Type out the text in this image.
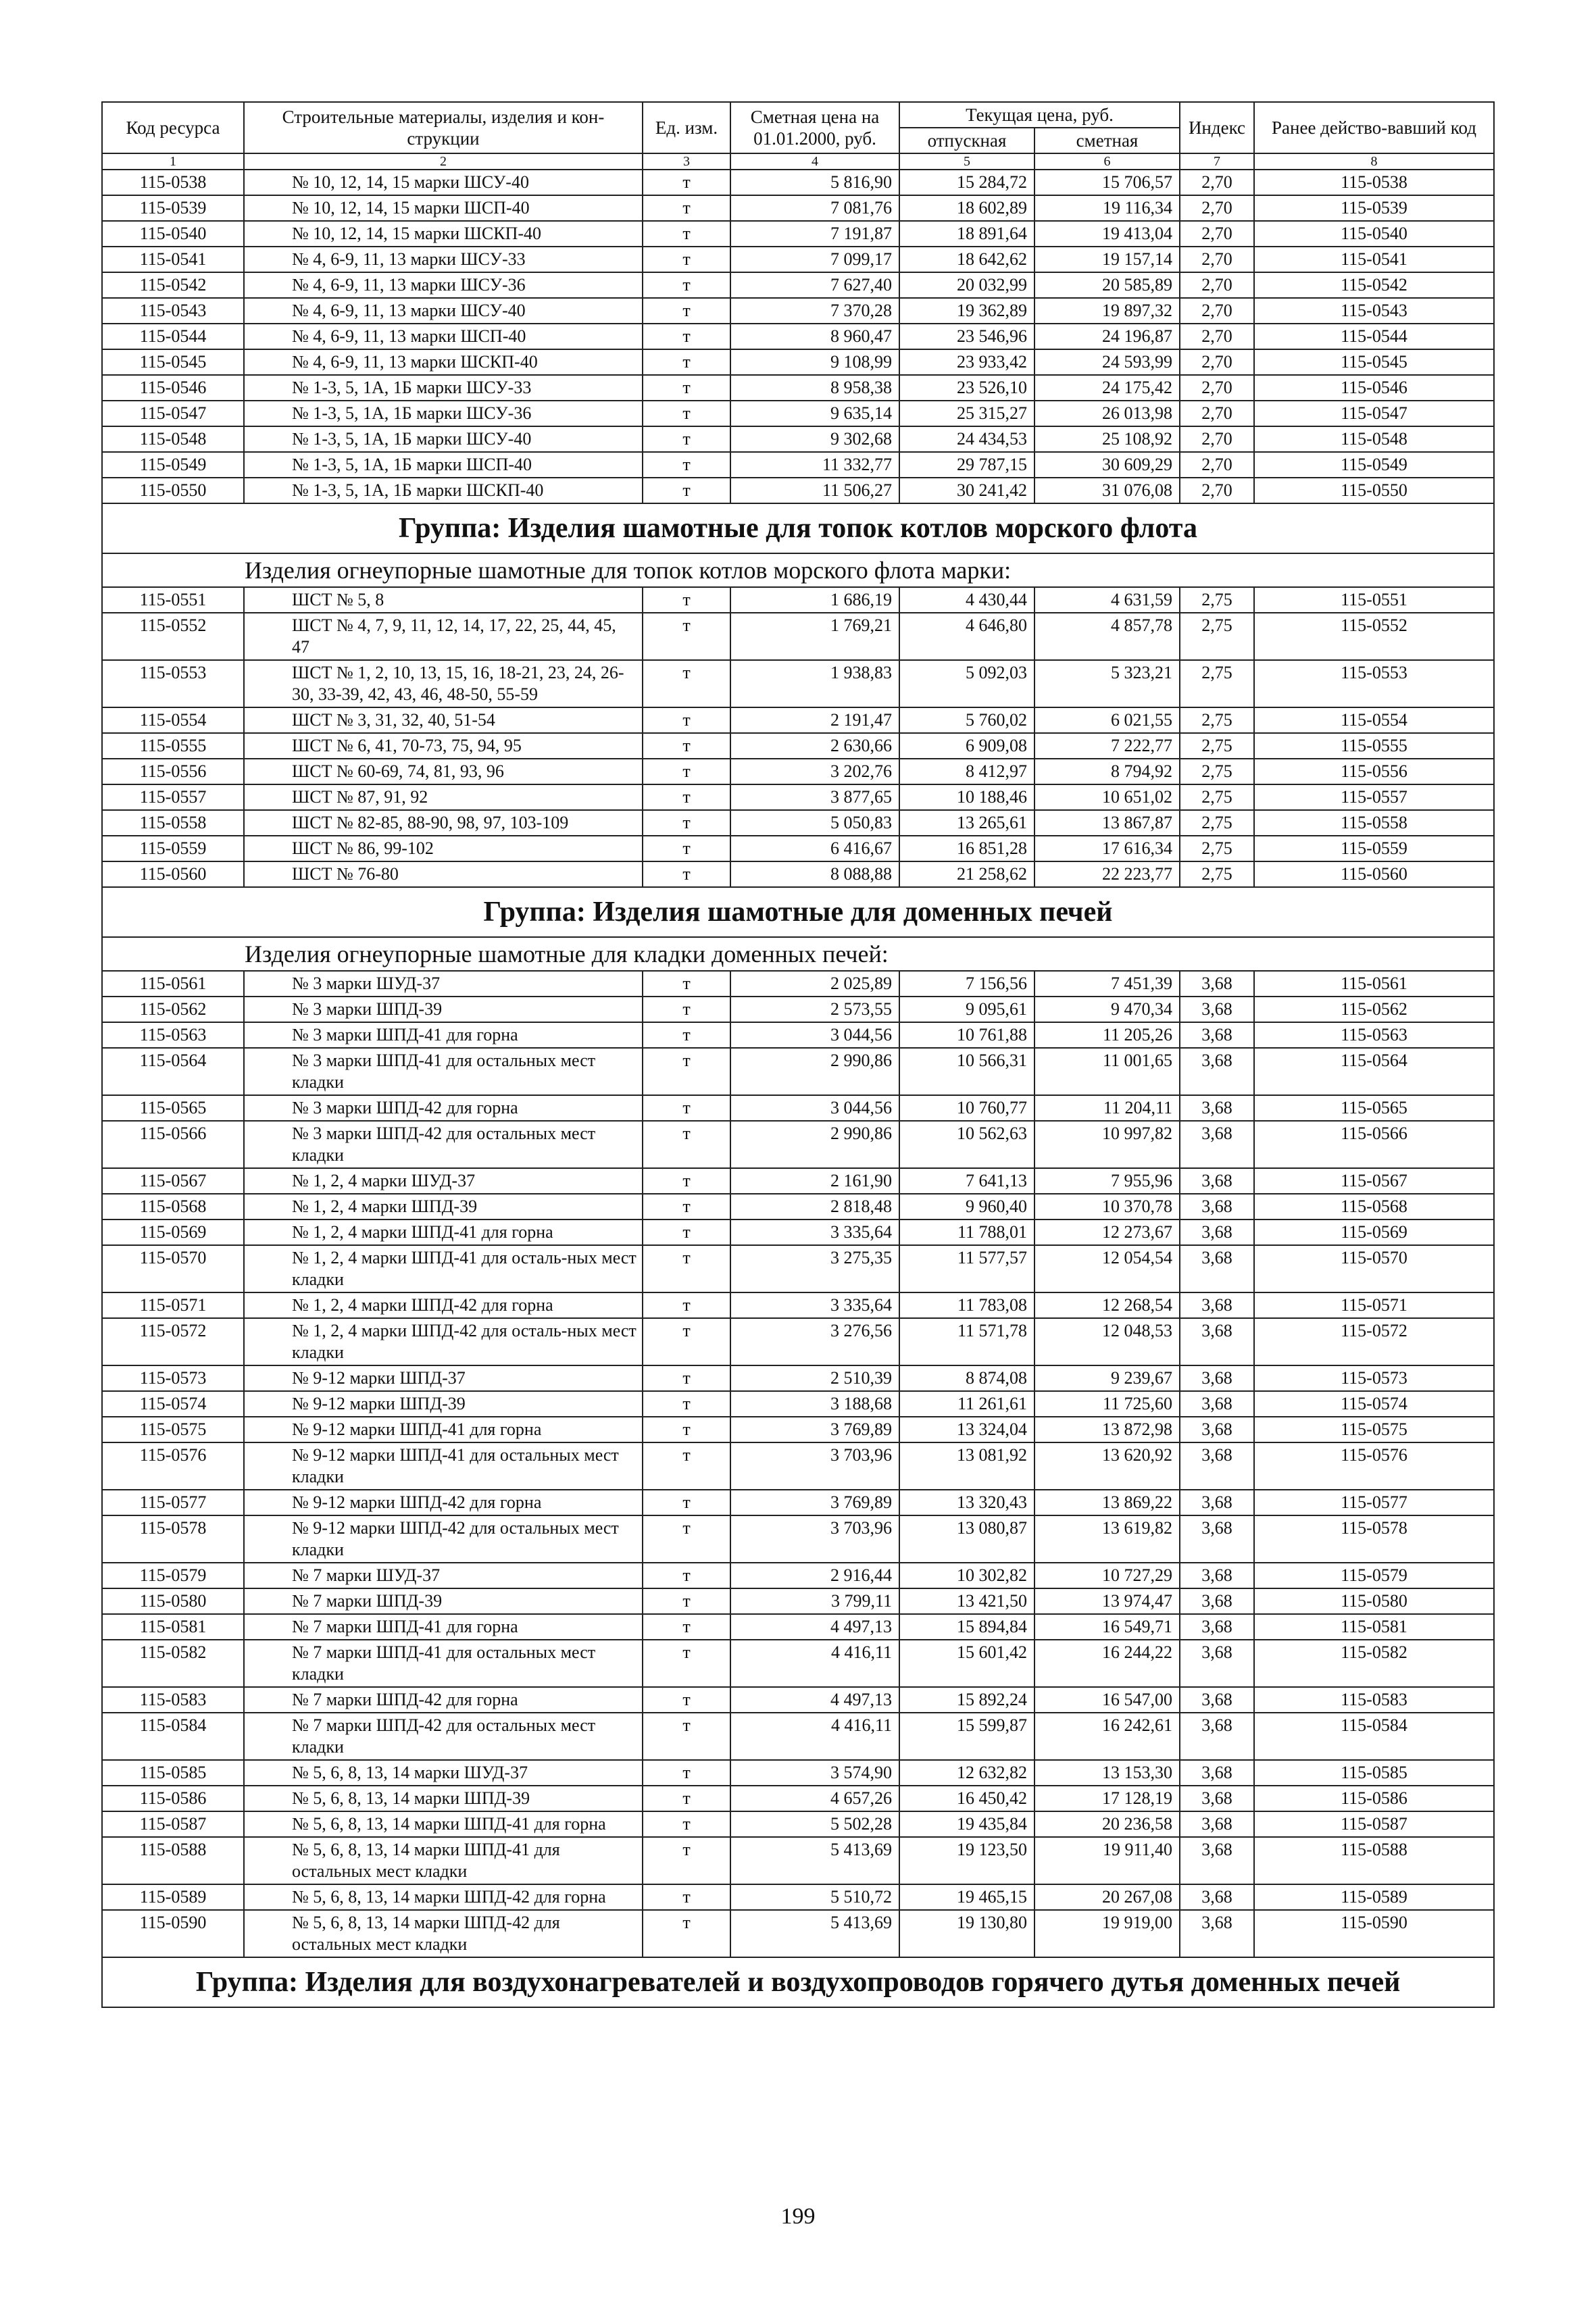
Код ресурса	Строительные материалы, изделия и кон-струкции	Ед. изм.	Сметная цена на 01.01.2000, руб.	Текущая цена, руб.		Индекс	Ранее действо-вавший код
				отпускная	сметная		
1	2	3	4	5	6	7	8
115-0538	№ 10, 12, 14, 15 марки ШСУ-40	т	5 816,90	15 284,72	15 706,57	2,70	115-0538
115-0539	№ 10, 12, 14, 15 марки ШСП-40	т	7 081,76	18 602,89	19 116,34	2,70	115-0539
115-0540	№ 10, 12, 14, 15 марки ШСКП-40	т	7 191,87	18 891,64	19 413,04	2,70	115-0540
115-0541	№ 4, 6-9, 11, 13 марки ШСУ-33	т	7 099,17	18 642,62	19 157,14	2,70	115-0541
115-0542	№ 4, 6-9, 11, 13 марки ШСУ-36	т	7 627,40	20 032,99	20 585,89	2,70	115-0542
115-0543	№ 4, 6-9, 11, 13 марки ШСУ-40	т	7 370,28	19 362,89	19 897,32	2,70	115-0543
115-0544	№ 4, 6-9, 11, 13 марки ШСП-40	т	8 960,47	23 546,96	24 196,87	2,70	115-0544
115-0545	№ 4, 6-9, 11, 13 марки ШСКП-40	т	9 108,99	23 933,42	24 593,99	2,70	115-0545
115-0546	№ 1-3, 5, 1А, 1Б марки ШСУ-33	т	8 958,38	23 526,10	24 175,42	2,70	115-0546
115-0547	№ 1-3, 5, 1А, 1Б марки ШСУ-36	т	9 635,14	25 315,27	26 013,98	2,70	115-0547
115-0548	№ 1-3, 5, 1А, 1Б марки ШСУ-40	т	9 302,68	24 434,53	25 108,92	2,70	115-0548
115-0549	№ 1-3, 5, 1А, 1Б марки ШСП-40	т	11 332,77	29 787,15	30 609,29	2,70	115-0549
115-0550	№ 1-3, 5, 1А, 1Б марки ШСКП-40	т	11 506,27	30 241,42	31 076,08	2,70	115-0550
Группа: Изделия шамотные для топок котлов морского флота							
Изделия огнеупорные шамотные для топок котлов морского флота марки:							
115-0551	ШСТ № 5, 8	т	1 686,19	4 430,44	4 631,59	2,75	115-0551
115-0552	ШСТ № 4, 7, 9, 11, 12, 14, 17, 22, 25, 44, 45, 47	т	1 769,21	4 646,80	4 857,78	2,75	115-0552
115-0553	ШСТ № 1, 2, 10, 13, 15, 16, 18-21, 23, 24, 26-30, 33-39, 42, 43, 46, 48-50, 55-59	т	1 938,83	5 092,03	5 323,21	2,75	115-0553
115-0554	ШСТ № 3, 31, 32, 40, 51-54	т	2 191,47	5 760,02	6 021,55	2,75	115-0554
115-0555	ШСТ № 6, 41, 70-73, 75, 94, 95	т	2 630,66	6 909,08	7 222,77	2,75	115-0555
115-0556	ШСТ № 60-69, 74, 81, 93, 96	т	3 202,76	8 412,97	8 794,92	2,75	115-0556
115-0557	ШСТ № 87, 91, 92	т	3 877,65	10 188,46	10 651,02	2,75	115-0557
115-0558	ШСТ № 82-85, 88-90, 98, 97, 103-109	т	5 050,83	13 265,61	13 867,87	2,75	115-0558
115-0559	ШСТ № 86, 99-102	т	6 416,67	16 851,28	17 616,34	2,75	115-0559
115-0560	ШСТ № 76-80	т	8 088,88	21 258,62	22 223,77	2,75	115-0560
Группа: Изделия шамотные для доменных печей							
Изделия огнеупорные шамотные для кладки доменных печей:							
115-0561	№ 3 марки ШУД-37	т	2 025,89	7 156,56	7 451,39	3,68	115-0561
115-0562	№ 3 марки ШПД-39	т	2 573,55	9 095,61	9 470,34	3,68	115-0562
115-0563	№ 3 марки ШПД-41 для горна	т	3 044,56	10 761,88	11 205,26	3,68	115-0563
115-0564	№ 3 марки ШПД-41 для остальных мест кладки	т	2 990,86	10 566,31	11 001,65	3,68	115-0564
115-0565	№ 3 марки ШПД-42 для горна	т	3 044,56	10 760,77	11 204,11	3,68	115-0565
115-0566	№ 3 марки ШПД-42 для остальных мест кладки	т	2 990,86	10 562,63	10 997,82	3,68	115-0566
115-0567	№ 1, 2, 4 марки ШУД-37	т	2 161,90	7 641,13	7 955,96	3,68	115-0567
115-0568	№ 1, 2, 4 марки ШПД-39	т	2 818,48	9 960,40	10 370,78	3,68	115-0568
115-0569	№ 1, 2, 4 марки ШПД-41 для горна	т	3 335,64	11 788,01	12 273,67	3,68	115-0569
115-0570	№ 1, 2, 4 марки ШПД-41 для осталь-ных мест кладки	т	3 275,35	11 577,57	12 054,54	3,68	115-0570
115-0571	№ 1, 2, 4 марки ШПД-42 для горна	т	3 335,64	11 783,08	12 268,54	3,68	115-0571
115-0572	№ 1, 2, 4 марки ШПД-42 для осталь-ных мест кладки	т	3 276,56	11 571,78	12 048,53	3,68	115-0572
115-0573	№ 9-12 марки ШПД-37	т	2 510,39	8 874,08	9 239,67	3,68	115-0573
115-0574	№ 9-12 марки ШПД-39	т	3 188,68	11 261,61	11 725,60	3,68	115-0574
115-0575	№ 9-12 марки ШПД-41 для горна	т	3 769,89	13 324,04	13 872,98	3,68	115-0575
115-0576	№ 9-12 марки ШПД-41 для остальных мест кладки	т	3 703,96	13 081,92	13 620,92	3,68	115-0576
115-0577	№ 9-12 марки ШПД-42 для горна	т	3 769,89	13 320,43	13 869,22	3,68	115-0577
115-0578	№ 9-12 марки ШПД-42 для остальных мест кладки	т	3 703,96	13 080,87	13 619,82	3,68	115-0578
115-0579	№ 7 марки ШУД-37	т	2 916,44	10 302,82	10 727,29	3,68	115-0579
115-0580	№ 7 марки ШПД-39	т	3 799,11	13 421,50	13 974,47	3,68	115-0580
115-0581	№ 7 марки ШПД-41 для горна	т	4 497,13	15 894,84	16 549,71	3,68	115-0581
115-0582	№ 7 марки ШПД-41 для остальных мест кладки	т	4 416,11	15 601,42	16 244,22	3,68	115-0582
115-0583	№ 7 марки ШПД-42 для горна	т	4 497,13	15 892,24	16 547,00	3,68	115-0583
115-0584	№ 7 марки ШПД-42 для остальных мест кладки	т	4 416,11	15 599,87	16 242,61	3,68	115-0584
115-0585	№ 5, 6, 8, 13, 14 марки ШУД-37	т	3 574,90	12 632,82	13 153,30	3,68	115-0585
115-0586	№ 5, 6, 8, 13, 14 марки ШПД-39	т	4 657,26	16 450,42	17 128,19	3,68	115-0586
115-0587	№ 5, 6, 8, 13, 14 марки ШПД-41 для горна	т	5 502,28	19 435,84	20 236,58	3,68	115-0587
115-0588	№ 5, 6, 8, 13, 14 марки ШПД-41 для остальных мест кладки	т	5 413,69	19 123,50	19 911,40	3,68	115-0588
115-0589	№ 5, 6, 8, 13, 14 марки ШПД-42 для горна	т	5 510,72	19 465,15	20 267,08	3,68	115-0589
115-0590	№ 5, 6, 8, 13, 14 марки ШПД-42 для остальных мест кладки	т	5 413,69	19 130,80	19 919,00	3,68	115-0590
Группа: Изделия для воздухонагревателей и воздухопроводов горячего дутья доменных печей							
199
